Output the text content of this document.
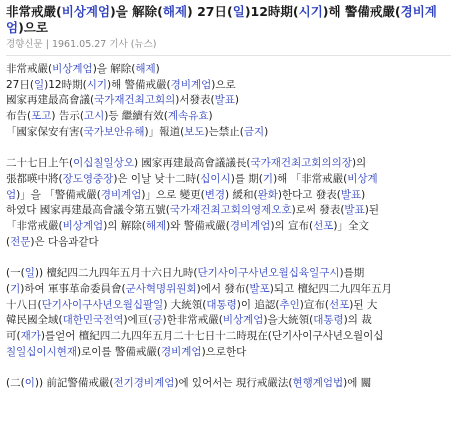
非常戒嚴(비상계엄)을 解除(해제) 27日(일)12時期(시기)해 警備戒嚴(경비계엄)으로
경향신문 | 1961.05.27 기사 (뉴스)
非常戒嚴(비상계엄)을 解除(해제)
27日(일)12時期(시기)해 警備戒嚴(경비계엄)으로
國家再建最高會議(국가재건최고회의)서發表(발표)
布告(포고) 告示(고시)등 繼續有效(계속유효)
「國家保安有害(국가보안유해)」報道(보도)는禁止(금지)
二十七日上午(이십칠일상오) 國家再建最高會議議長(국가재건최고회의의장)의
張都暎中將(장도영중장)은 이날 낮十二時(십이시)를 期(기)해 「非常戒嚴(비상계
엄)」을 「警備戒嚴(경비계엄)」으로 變更(변경) 緩和(완화)한다고 發表(발표)
하였다 國家再建最高會議令第五號(국가재건최고회의영제오호)로써 發表(발표)된
「非常戒嚴(비상계엄)의 解除(해제)와 警備戒嚴(경비계엄)의 宣布(선포)」全文
(전문)은 다음과같다
(一(일)) 檀紀四二九四年五月十六日九時(단기사이구사년오월십육일구시)를期
(기)하여 軍事革命委員會(군사혁명위원회)에서 發布(발포)되고 檀紀四二九四年五月
十八日(단기사이구사년오월십팔일) 大統領(대통령)이 追認(추인)宣布(선포)된 大
韓民國全域(대한민국전역)에亘(긍)한非常戒嚴(비상계엄)을大統領(대통령)의 裁
可(재가)를얻어 檀紀四二九四年五月二十七日十二時現在(단기사이구사년오월이십
칠일십이시현재)로이를 警備戒嚴(경비계엄)으로한다
(二(이)) 前記警備戒嚴(전기경비계엄)에 있어서는 現行戒嚴法(현행계엄법)에 關
